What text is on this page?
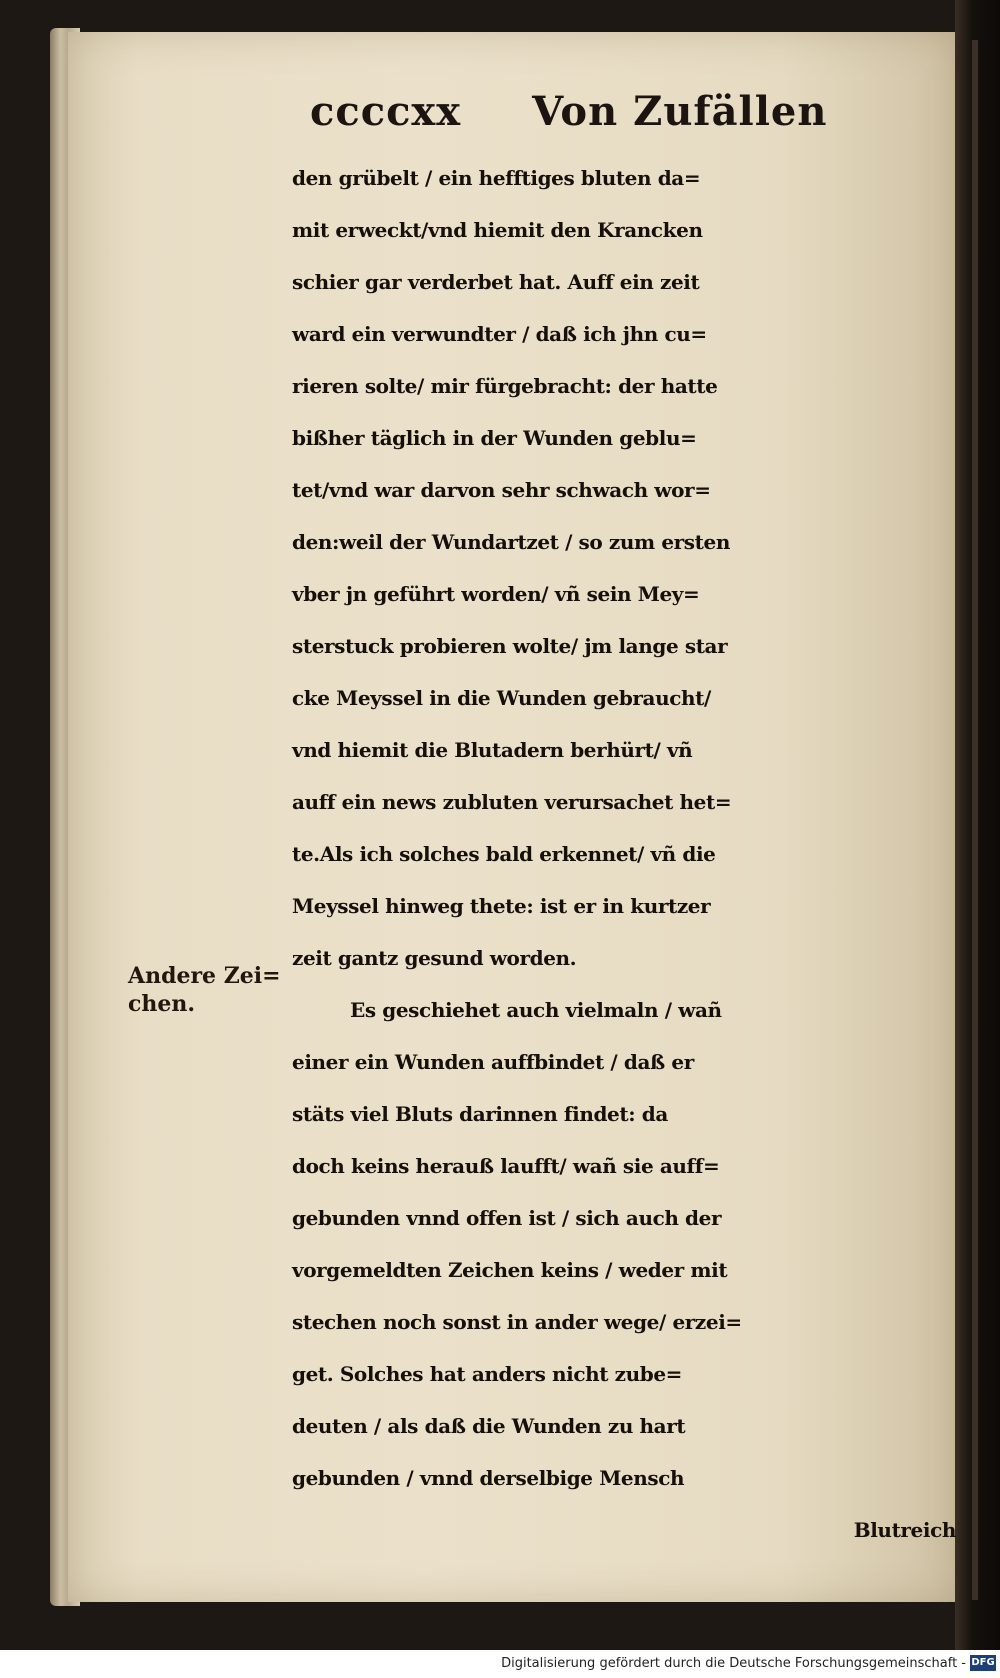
ccccxx Von Zufällen
den grübelt / ein hefftiges bluten da=
mit erweckt/vnd hiemit den Krancken
schier gar verderbet hat. Auff ein zeit
ward ein verwundter / daß ich jhn cu=
rieren solte/ mir fürgebracht: der hatte
bißher täglich in der Wunden geblu=
tet/vnd war darvon sehr schwach wor=
den:weil der Wundartzet / so zum ersten
vber jn geführt worden/ vñ sein Mey=
sterstuck probieren wolte/ jm lange star
cke Meyssel in die Wunden gebraucht/
vnd hiemit die Blutadern berhürt/ vñ
auff ein news zubluten verursachet het=
te.Als ich solches bald erkennet/ vñ die
Meyssel hinweg thete: ist er in kurtzer
zeit gantz gesund worden.
Es geschiehet auch vielmaln / wañ
einer ein Wunden auffbindet / daß er
stäts viel Bluts darinnen findet: da
doch keins herauß laufft/ wañ sie auff=
gebunden vnnd offen ist / sich auch der
vorgemeldten Zeichen keins / weder mit
stechen noch sonst in ander wege/ erzei=
get. Solches hat anders nicht zube=
deuten / als daß die Wunden zu hart
gebunden / vnnd derselbige Mensch
Blutreich
Andere Zei=
chen.
Digitalisierung gefördert durch die Deutsche Forschungsgemeinschaft - DFG
